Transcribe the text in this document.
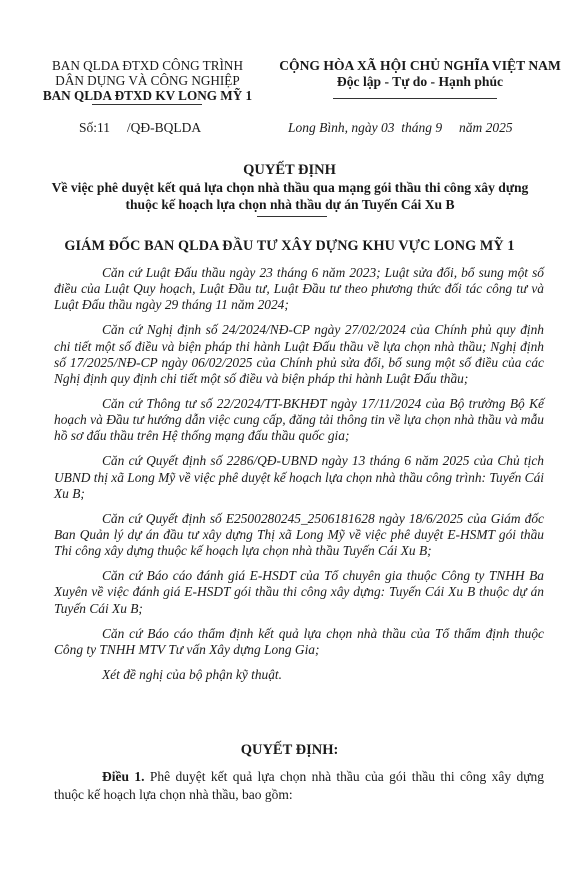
BAN QLDA ĐTXD CÔNG TRÌNH
DÂN DỤNG VÀ CÔNG NGHIỆP
BAN QLDA ĐTXD KV LONG MỸ 1
CỘNG HÒA XÃ HỘI CHỦ NGHĨA VIỆT NAM
Độc lập - Tự do - Hạnh phúc
Số:11     /QĐ-BQLDA	Long Bình, ngày 03  tháng 9     năm 2025
QUYẾT ĐỊNH
Về việc phê duyệt kết quả lựa chọn nhà thầu qua mạng gói thầu thi công xây dựng thuộc kế hoạch lựa chọn nhà thầu dự án Tuyến Cái Xu B
GIÁM ĐỐC BAN QLDA ĐẦU TƯ XÂY DỰNG KHU VỰC LONG MỸ 1

Căn cứ Luật Đấu thầu ngày 23 tháng 6 năm 2023; Luật sửa đổi, bổ sung một số điều của Luật Quy hoạch, Luật Đầu tư, Luật Đầu tư theo phương thức đối tác công tư và Luật Đấu thầu ngày 29 tháng 11 năm 2024;

Căn cứ Nghị định số 24/2024/NĐ-CP ngày 27/02/2024 của Chính phủ quy định chi tiết một số điều và biện pháp thi hành Luật Đấu thầu về lựa chọn nhà thầu; Nghị định số 17/2025/NĐ-CP ngày 06/02/2025 của Chính phủ sửa đổi, bổ sung một số điều của các Nghị định quy định chi tiết một số điều và biện pháp thi hành Luật Đấu thầu;

Căn cứ Thông tư số 22/2024/TT-BKHĐT ngày 17/11/2024 của Bộ trưởng Bộ Kế hoạch và Đầu tư hướng dẫn việc cung cấp, đăng tải thông tin về lựa chọn nhà thầu và mẫu hồ sơ đấu thầu trên Hệ thống mạng đấu thầu quốc gia;

Căn cứ Quyết định số 2286/QĐ-UBND ngày 13 tháng 6 năm 2025 của Chủ tịch UBND thị xã Long Mỹ về việc phê duyệt kế hoạch lựa chọn nhà thầu công trình: Tuyến Cái Xu B;

Căn cứ Quyết định số E2500280245_2506181628 ngày 18/6/2025 của Giám đốc Ban Quản lý dự án đầu tư xây dựng Thị xã Long Mỹ về việc phê duyệt E-HSMT gói thầu Thi công xây dựng thuộc kế hoạch lựa chọn nhà thầu Tuyến Cái Xu B;

Căn cứ Báo cáo đánh giá E-HSDT của Tổ chuyên gia thuộc Công ty TNHH Ba Xuyên về việc đánh giá E-HSDT gói thầu thi công xây dựng: Tuyến Cái Xu B thuộc dự án Tuyến Cái Xu B;

Căn cứ Báo cáo thẩm định kết quả lựa chọn nhà thầu của Tổ thẩm định thuộc Công ty TNHH MTV Tư vấn Xây dựng Long Gia;

Xét đề nghị của bộ phận kỹ thuật.

QUYẾT ĐỊNH:
Điều 1. Phê duyệt kết quả lựa chọn nhà thầu của gói thầu thi công xây dựng thuộc kế hoạch lựa chọn nhà thầu, bao gồm:
